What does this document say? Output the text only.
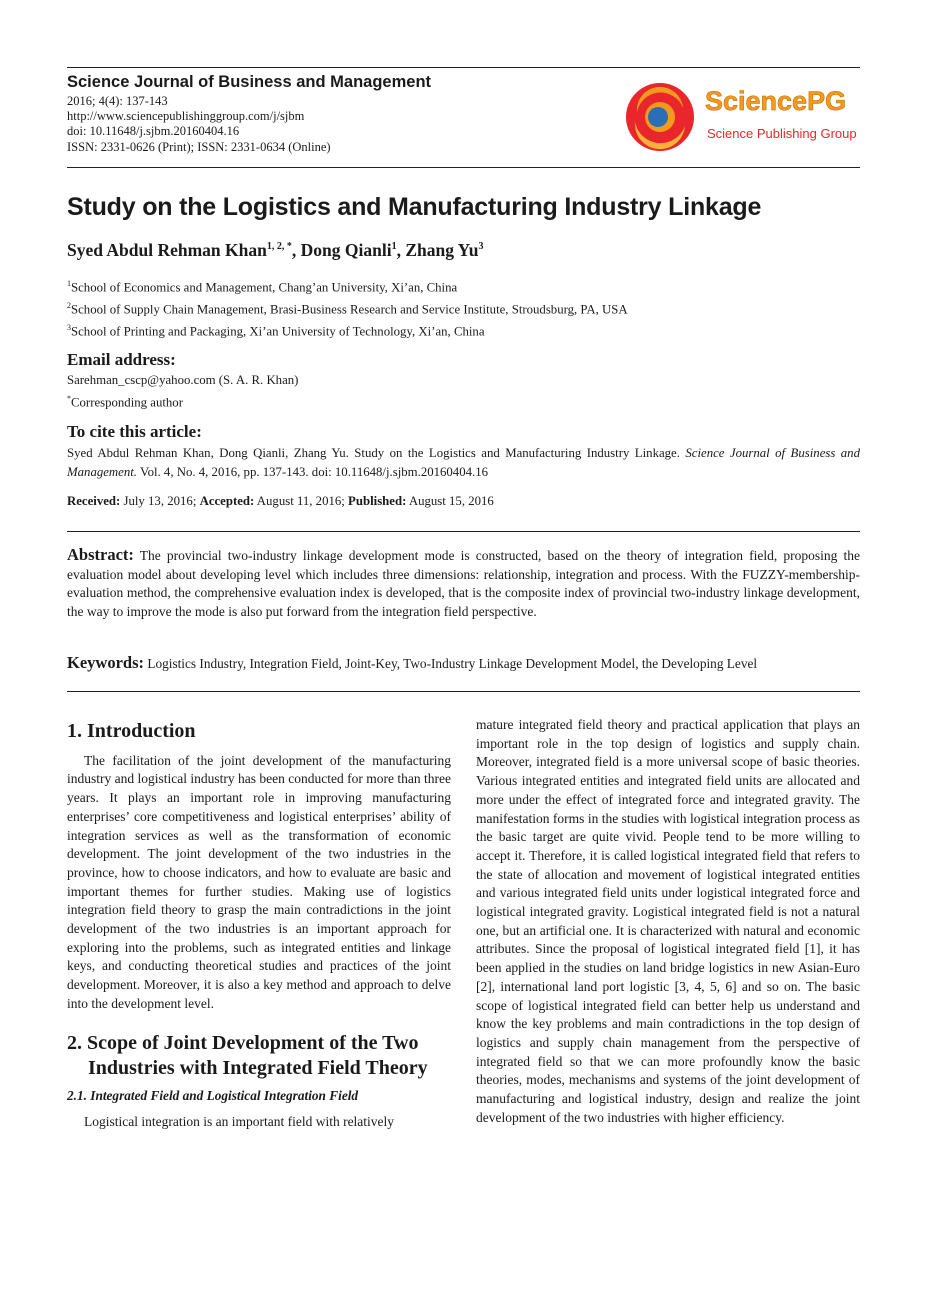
Science Journal of Business and Management
2016; 4(4): 137-143
http://www.sciencepublishinggroup.com/j/sjbm
doi: 10.11648/j.sjbm.20160404.16
ISSN: 2331-0626 (Print); ISSN: 2331-0634 (Online)
SciencePG
Science Publishing Group
Study on the Logistics and Manufacturing Industry Linkage
Syed Abdul Rehman Khan$^{1, 2, *}$, Dong Qianli$^1$, Zhang Yu$^3$
$^1$School of Economics and Management, Chang’an University, Xi’an, China
$^2$School of Supply Chain Management, Brasi-Business Research and Service Institute, Stroudsburg, PA, USA
$^3$School of Printing and Packaging, Xi’an University of Technology, Xi’an, China
Email address:
Sarehman_cscp@yahoo.com (S. A. R. Khan)
*Corresponding author
To cite this article:
Syed Abdul Rehman Khan, Dong Qianli, Zhang Yu. Study on the Logistics and Manufacturing Industry Linkage. Science Journal of Business and Management. Vol. 4, No. 4, 2016, pp. 137-143. doi: 10.11648/j.sjbm.20160404.16
Received: July 13, 2016; Accepted: August 11, 2016; Published: August 15, 2016
Abstract: The provincial two-industry linkage development mode is constructed, based on the theory of integration field, proposing the evaluation model about developing level which includes three dimensions: relationship, integration and process. With the FUZZY-membership-evaluation method, the comprehensive evaluation index is developed, that is the composite index of provincial two-industry linkage development, the way to improve the mode is also put forward from the integration field perspective.
Keywords: Logistics Industry, Integration Field, Joint-Key, Two-Industry Linkage Development Model, the Developing Level
1. Introduction

The facilitation of the joint development of the manufacturing industry and logistical industry has been conducted for more than three years. It plays an important role in improving manufacturing enterprises’ core competitiveness and logistical enterprises’ ability of integration services as well as the transformation of economic development. The joint development of the two industries in the province, how to choose indicators, and how to evaluate are basic and important themes for further studies. Making use of logistics integration field theory to grasp the main contradictions in the joint development of the two industries is an important approach for exploring into the problems, such as integrated entities and linkage keys, and conducting theoretical studies and practices of the joint development. Moreover, it is also a key method and approach to delve into the development level.

2. Scope of Joint Development of the Two
Industries with Integrated Field Theory
2.1. Integrated Field and Logistical Integration Field

Logistical integration is an important field with relatively

mature integrated field theory and practical application that plays an important role in the top design of logistics and supply chain. Moreover, integrated field is a more universal scope of basic theories. Various integrated entities and integrated field units are allocated and more under the effect of integrated force and integrated gravity. The manifestation forms in the studies with logistical integration process as the basic target are quite vivid. People tend to be more willing to accept it. Therefore, it is called logistical integrated field that refers to the state of allocation and movement of logistical integrated entities and various integrated field units under logistical integrated force and logistical integrated gravity. Logistical integrated field is not a natural one, but an artificial one. It is characterized with natural and economic attributes. Since the proposal of logistical integrated field [1], it has been applied in the studies on land bridge logistics in new Asian-Euro [2], international land port logistic [3, 4, 5, 6] and so on. The basic scope of logistical integrated field can better help us understand and know the key problems and main contradictions in the top design of logistics and supply chain management from the perspective of integrated field so that we can more profoundly know the basic theories, modes, mechanisms and systems of the joint development of manufacturing and logistical industry, design and realize the joint development of the two industries with higher efficiency.
